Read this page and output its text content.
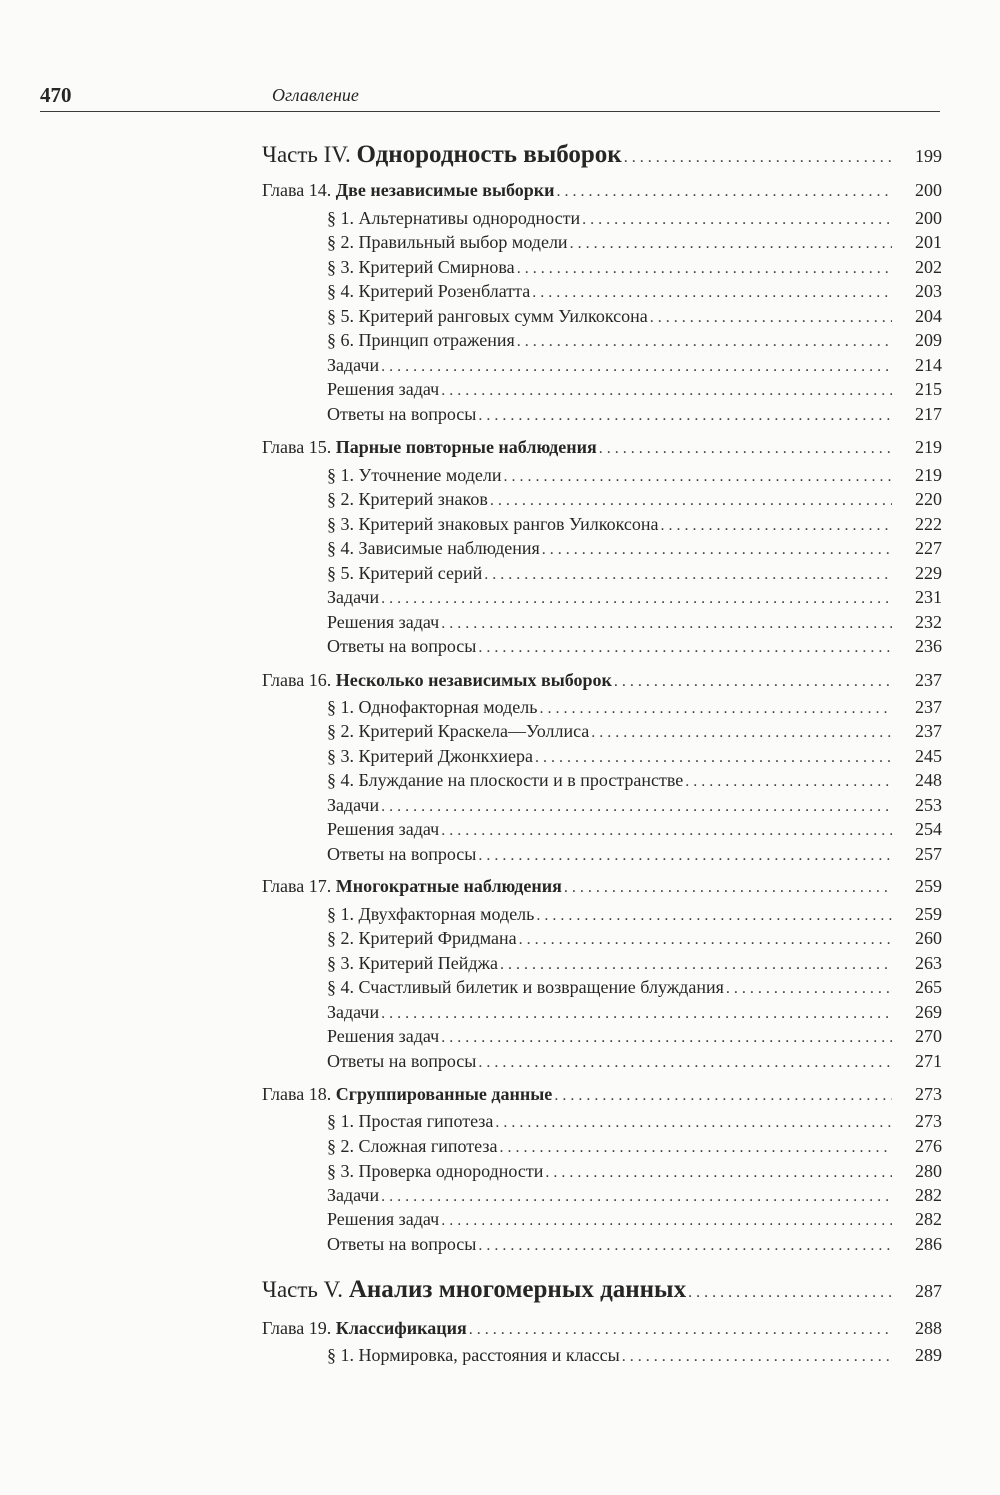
470	Оглавление
Часть IV. Однородность выборок . . .	199
Глава 14. Две независимые выборки . . .	200
§ 1. Альтернативы однородности . . .	200
§ 2. Правильный выбор модели . . .	201
§ 3. Критерий Смирнова . . .	202
§ 4. Критерий Розенблатта . . .	203
§ 5. Критерий ранговых сумм Уилкоксона . . .	204
§ 6. Принцип отражения . . .	209
Задачи . . .	214
Решения задач . . .	215
Ответы на вопросы . . .	217
Глава 15. Парные повторные наблюдения . . .	219
§ 1. Уточнение модели . . .	219
§ 2. Критерий знаков . . .	220
§ 3. Критерий знаковых рангов Уилкоксона . . .	222
§ 4. Зависимые наблюдения . . .	227
§ 5. Критерий серий . . .	229
Задачи . . .	231
Решения задач . . .	232
Ответы на вопросы . . .	236
Глава 16. Несколько независимых выборок . . .	237
§ 1. Однофакторная модель . . .	237
§ 2. Критерий Краскела—Уоллиса . . .	237
§ 3. Критерий Джонкхиера . . .	245
§ 4. Блуждание на плоскости и в пространстве . . .	248
Задачи . . .	253
Решения задач . . .	254
Ответы на вопросы . . .	257
Глава 17. Многократные наблюдения . . .	259
§ 1. Двухфакторная модель . . .	259
§ 2. Критерий Фридмана . . .	260
§ 3. Критерий Пейджа . . .	263
§ 4. Счастливый билетик и возвращение блуждания . . .	265
Задачи . . .	269
Решения задач . . .	270
Ответы на вопросы . . .	271
Глава 18. Сгруппированные данные . . .	273
§ 1. Простая гипотеза . . .	273
§ 2. Сложная гипотеза . . .	276
§ 3. Проверка однородности . . .	280
Задачи . . .	282
Решения задач . . .	282
Ответы на вопросы . . .	286
Часть V. Анализ многомерных данных . . .	287
Глава 19. Классификация . . .	288
§ 1. Нормировка, расстояния и классы . . .	289
